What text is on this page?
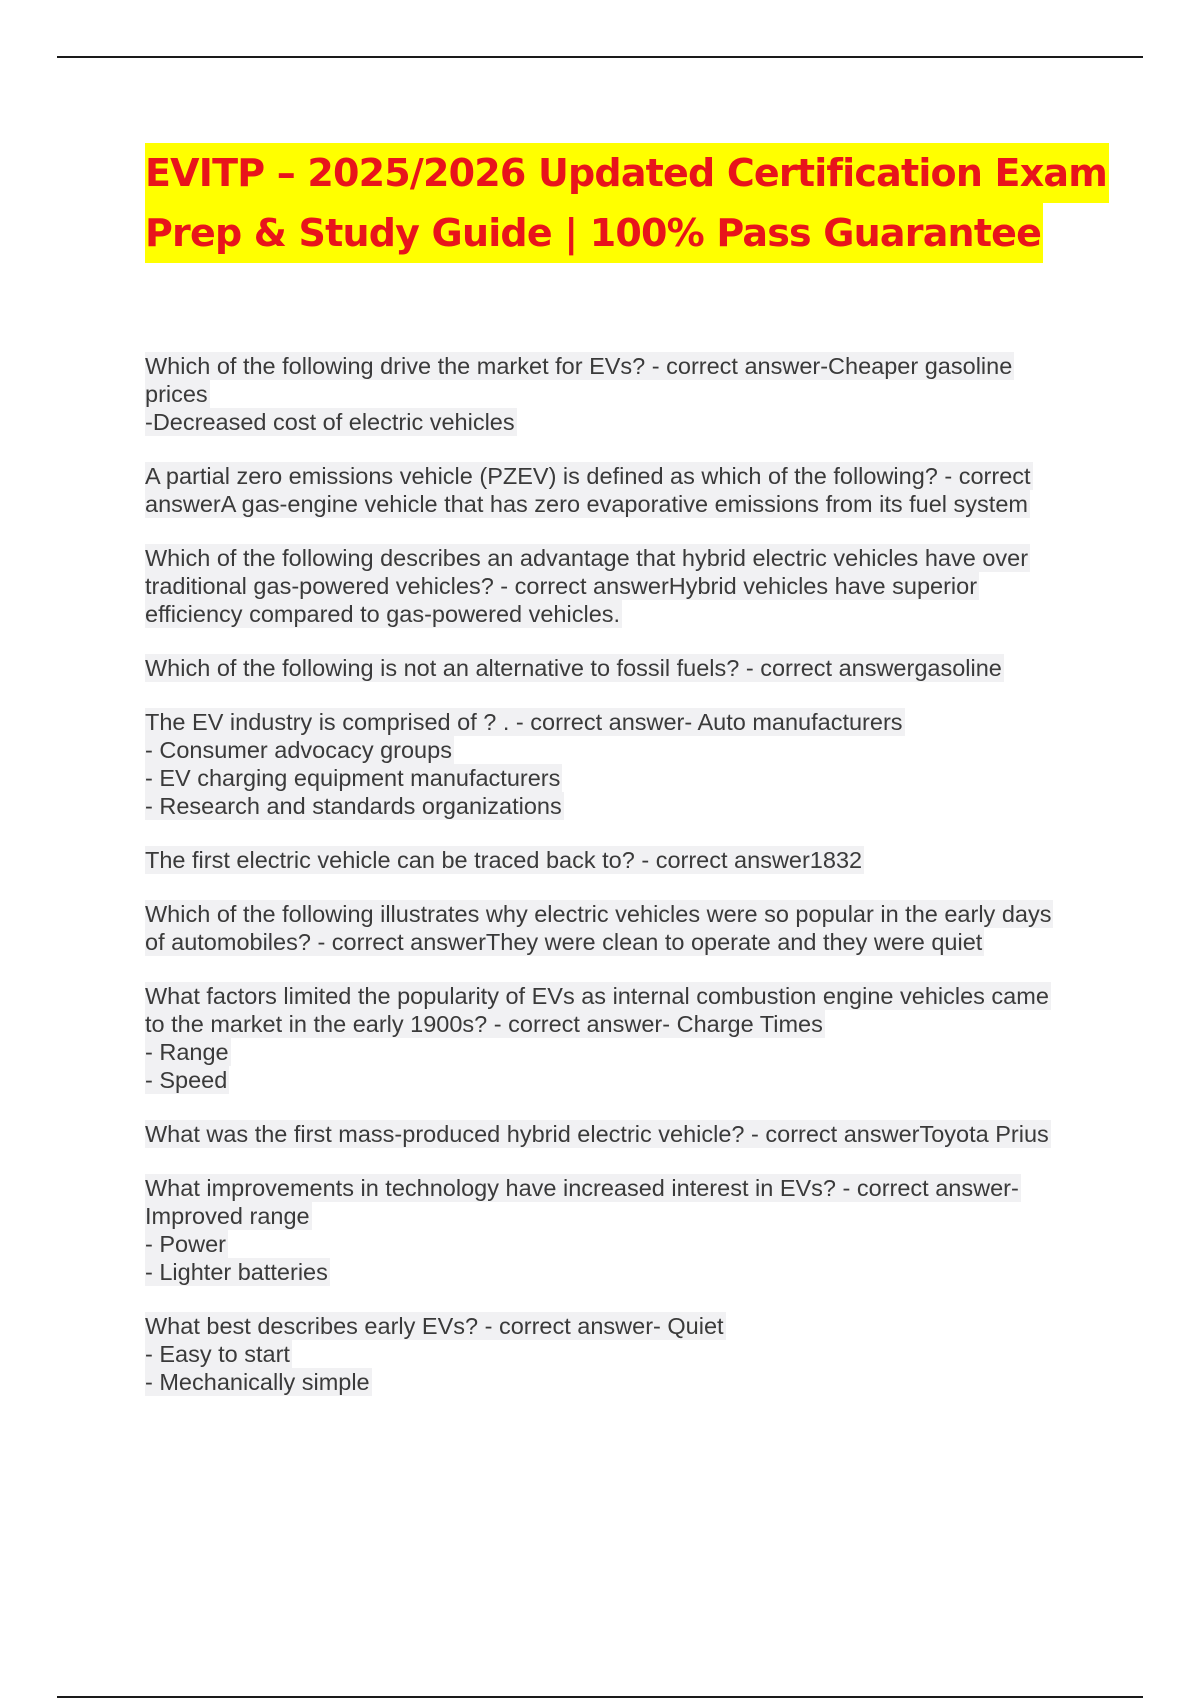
EVITP – 2025/2026 Updated Certification Exam
Prep & Study Guide | 100% Pass Guarantee
Which of the following drive the market for EVs? - correct answer-Cheaper gasoline
prices
-Decreased cost of electric vehicles
A partial zero emissions vehicle (PZEV) is defined as which of the following? - correct
answerA gas-engine vehicle that has zero evaporative emissions from its fuel system
Which of the following describes an advantage that hybrid electric vehicles have over
traditional gas-powered vehicles? - correct answerHybrid vehicles have superior
efficiency compared to gas-powered vehicles.
Which of the following is not an alternative to fossil fuels? - correct answergasoline
The EV industry is comprised of ? . - correct answer- Auto manufacturers
- Consumer advocacy groups
- EV charging equipment manufacturers
- Research and standards organizations
The first electric vehicle can be traced back to? - correct answer1832
Which of the following illustrates why electric vehicles were so popular in the early days
of automobiles? - correct answerThey were clean to operate and they were quiet
What factors limited the popularity of EVs as internal combustion engine vehicles came
to the market in the early 1900s? - correct answer- Charge Times
- Range
- Speed
What was the first mass-produced hybrid electric vehicle? - correct answerToyota Prius
What improvements in technology have increased interest in EVs? - correct answer-
Improved range
- Power
- Lighter batteries
What best describes early EVs? - correct answer- Quiet
- Easy to start
- Mechanically simple
